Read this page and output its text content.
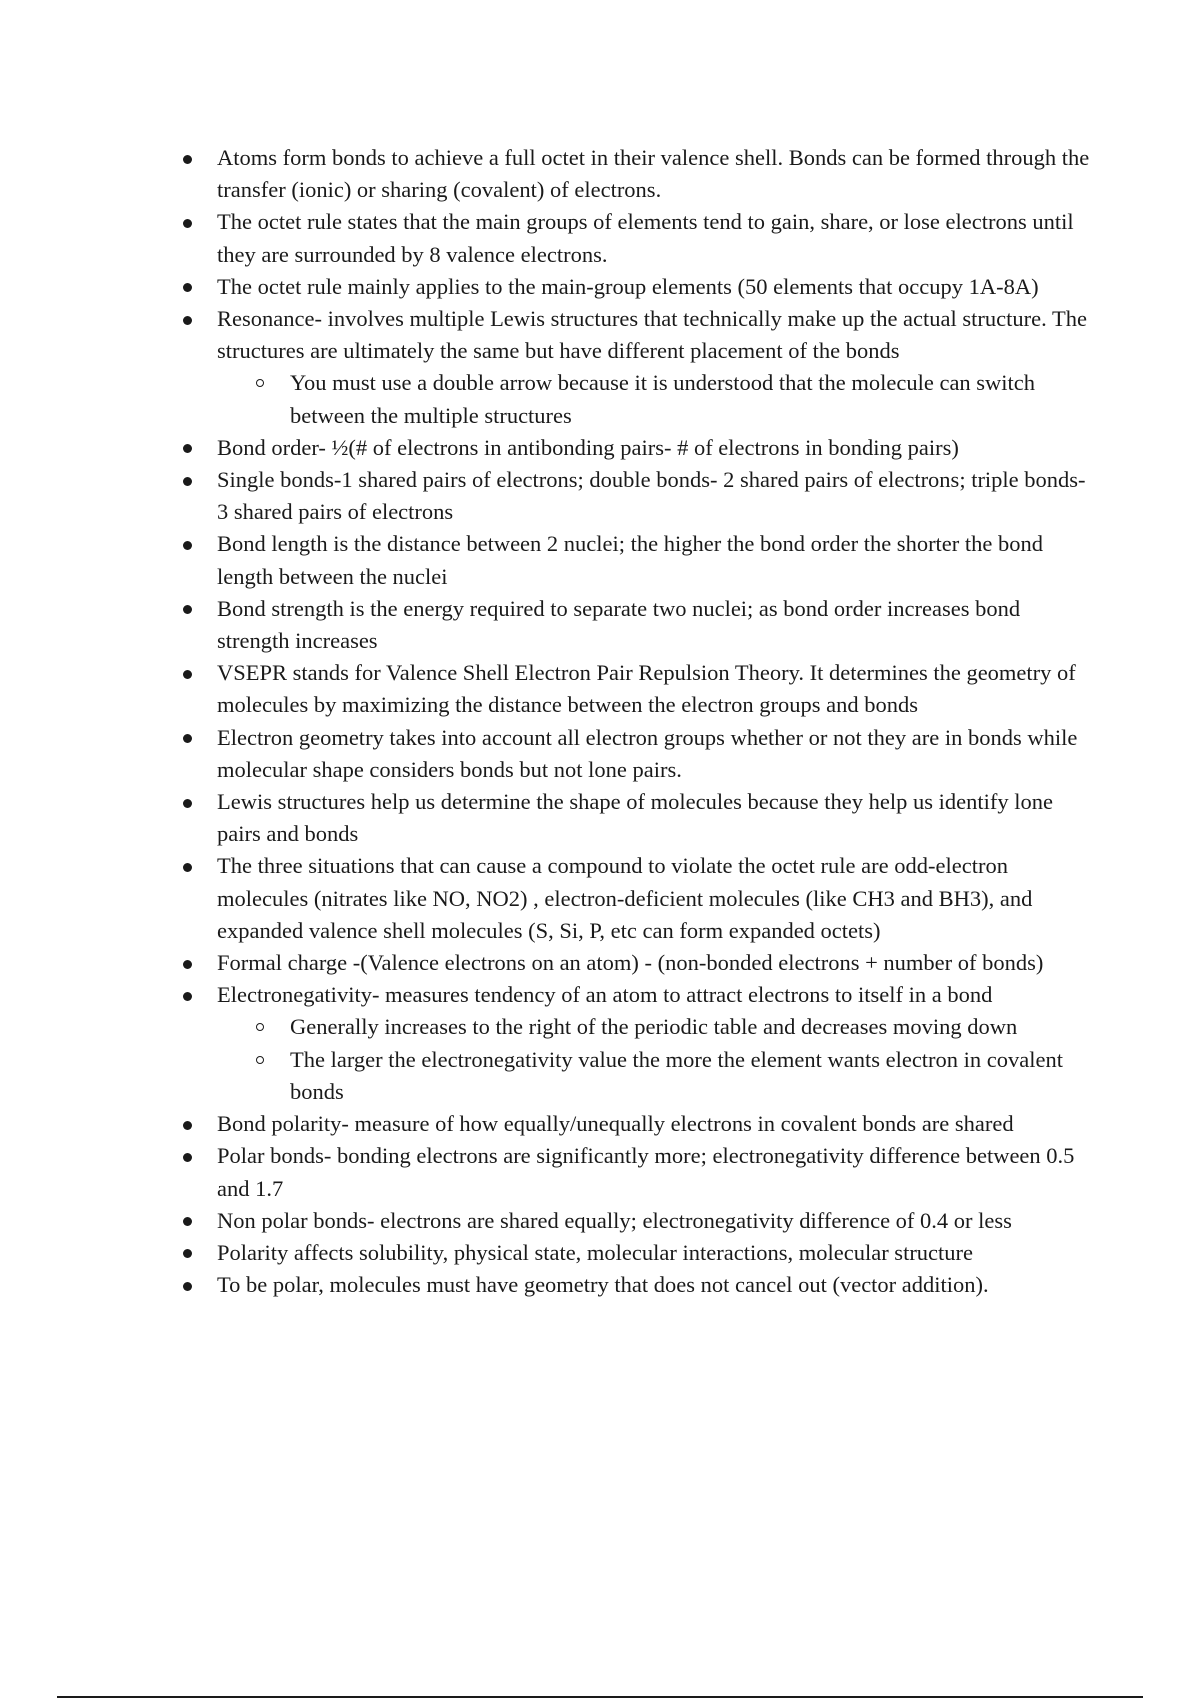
Atoms form bonds to achieve a full octet in their valence shell. Bonds can be formed through the transfer (ionic) or sharing (covalent) of electrons.
The octet rule states that the main groups of elements tend to gain, share, or lose electrons until they are surrounded by 8 valence electrons.
The octet rule mainly applies to the main-group elements (50 elements that occupy 1A-8A)
Resonance- involves multiple Lewis structures that technically make up the actual structure. The structures are ultimately the same but have different placement of the bonds
You must use a double arrow because it is understood that the molecule can switch between the multiple structures
Bond order- ½(# of electrons in antibonding pairs- # of electrons in bonding pairs)
Single bonds-1 shared pairs of electrons; double bonds- 2 shared pairs of electrons; triple bonds- 3 shared pairs of electrons
Bond length is the distance between 2 nuclei; the higher the bond order the shorter the bond length between the nuclei
Bond strength is the energy required to separate two nuclei; as bond order increases bond strength increases
VSEPR stands for Valence Shell Electron Pair Repulsion Theory. It determines the geometry of molecules by maximizing the distance between the electron groups and bonds
Electron geometry takes into account all electron groups whether or not they are in bonds while molecular shape considers bonds but not lone pairs.
Lewis structures help us determine the shape of molecules because they help us identify lone pairs and bonds
The three situations that can cause a compound to violate the octet rule are odd-electron molecules (nitrates like NO, NO2) , electron-deficient molecules (like CH3 and BH3), and expanded valence shell molecules (S, Si, P, etc can form expanded octets)
Formal charge -(Valence electrons on an atom) - (non-bonded electrons + number of bonds)
Electronegativity- measures tendency of an atom to attract electrons to itself in a bond
Generally increases to the right of the periodic table and decreases moving down
The larger the electronegativity value the more the element wants electron in covalent bonds
Bond polarity- measure of how equally/unequally electrons in covalent bonds are shared
Polar bonds- bonding electrons are significantly more; electronegativity difference between 0.5 and 1.7
Non polar bonds- electrons are shared equally; electronegativity difference of 0.4 or less
Polarity affects solubility, physical state, molecular interactions, molecular structure
To be polar, molecules must have geometry that does not cancel out (vector addition).
